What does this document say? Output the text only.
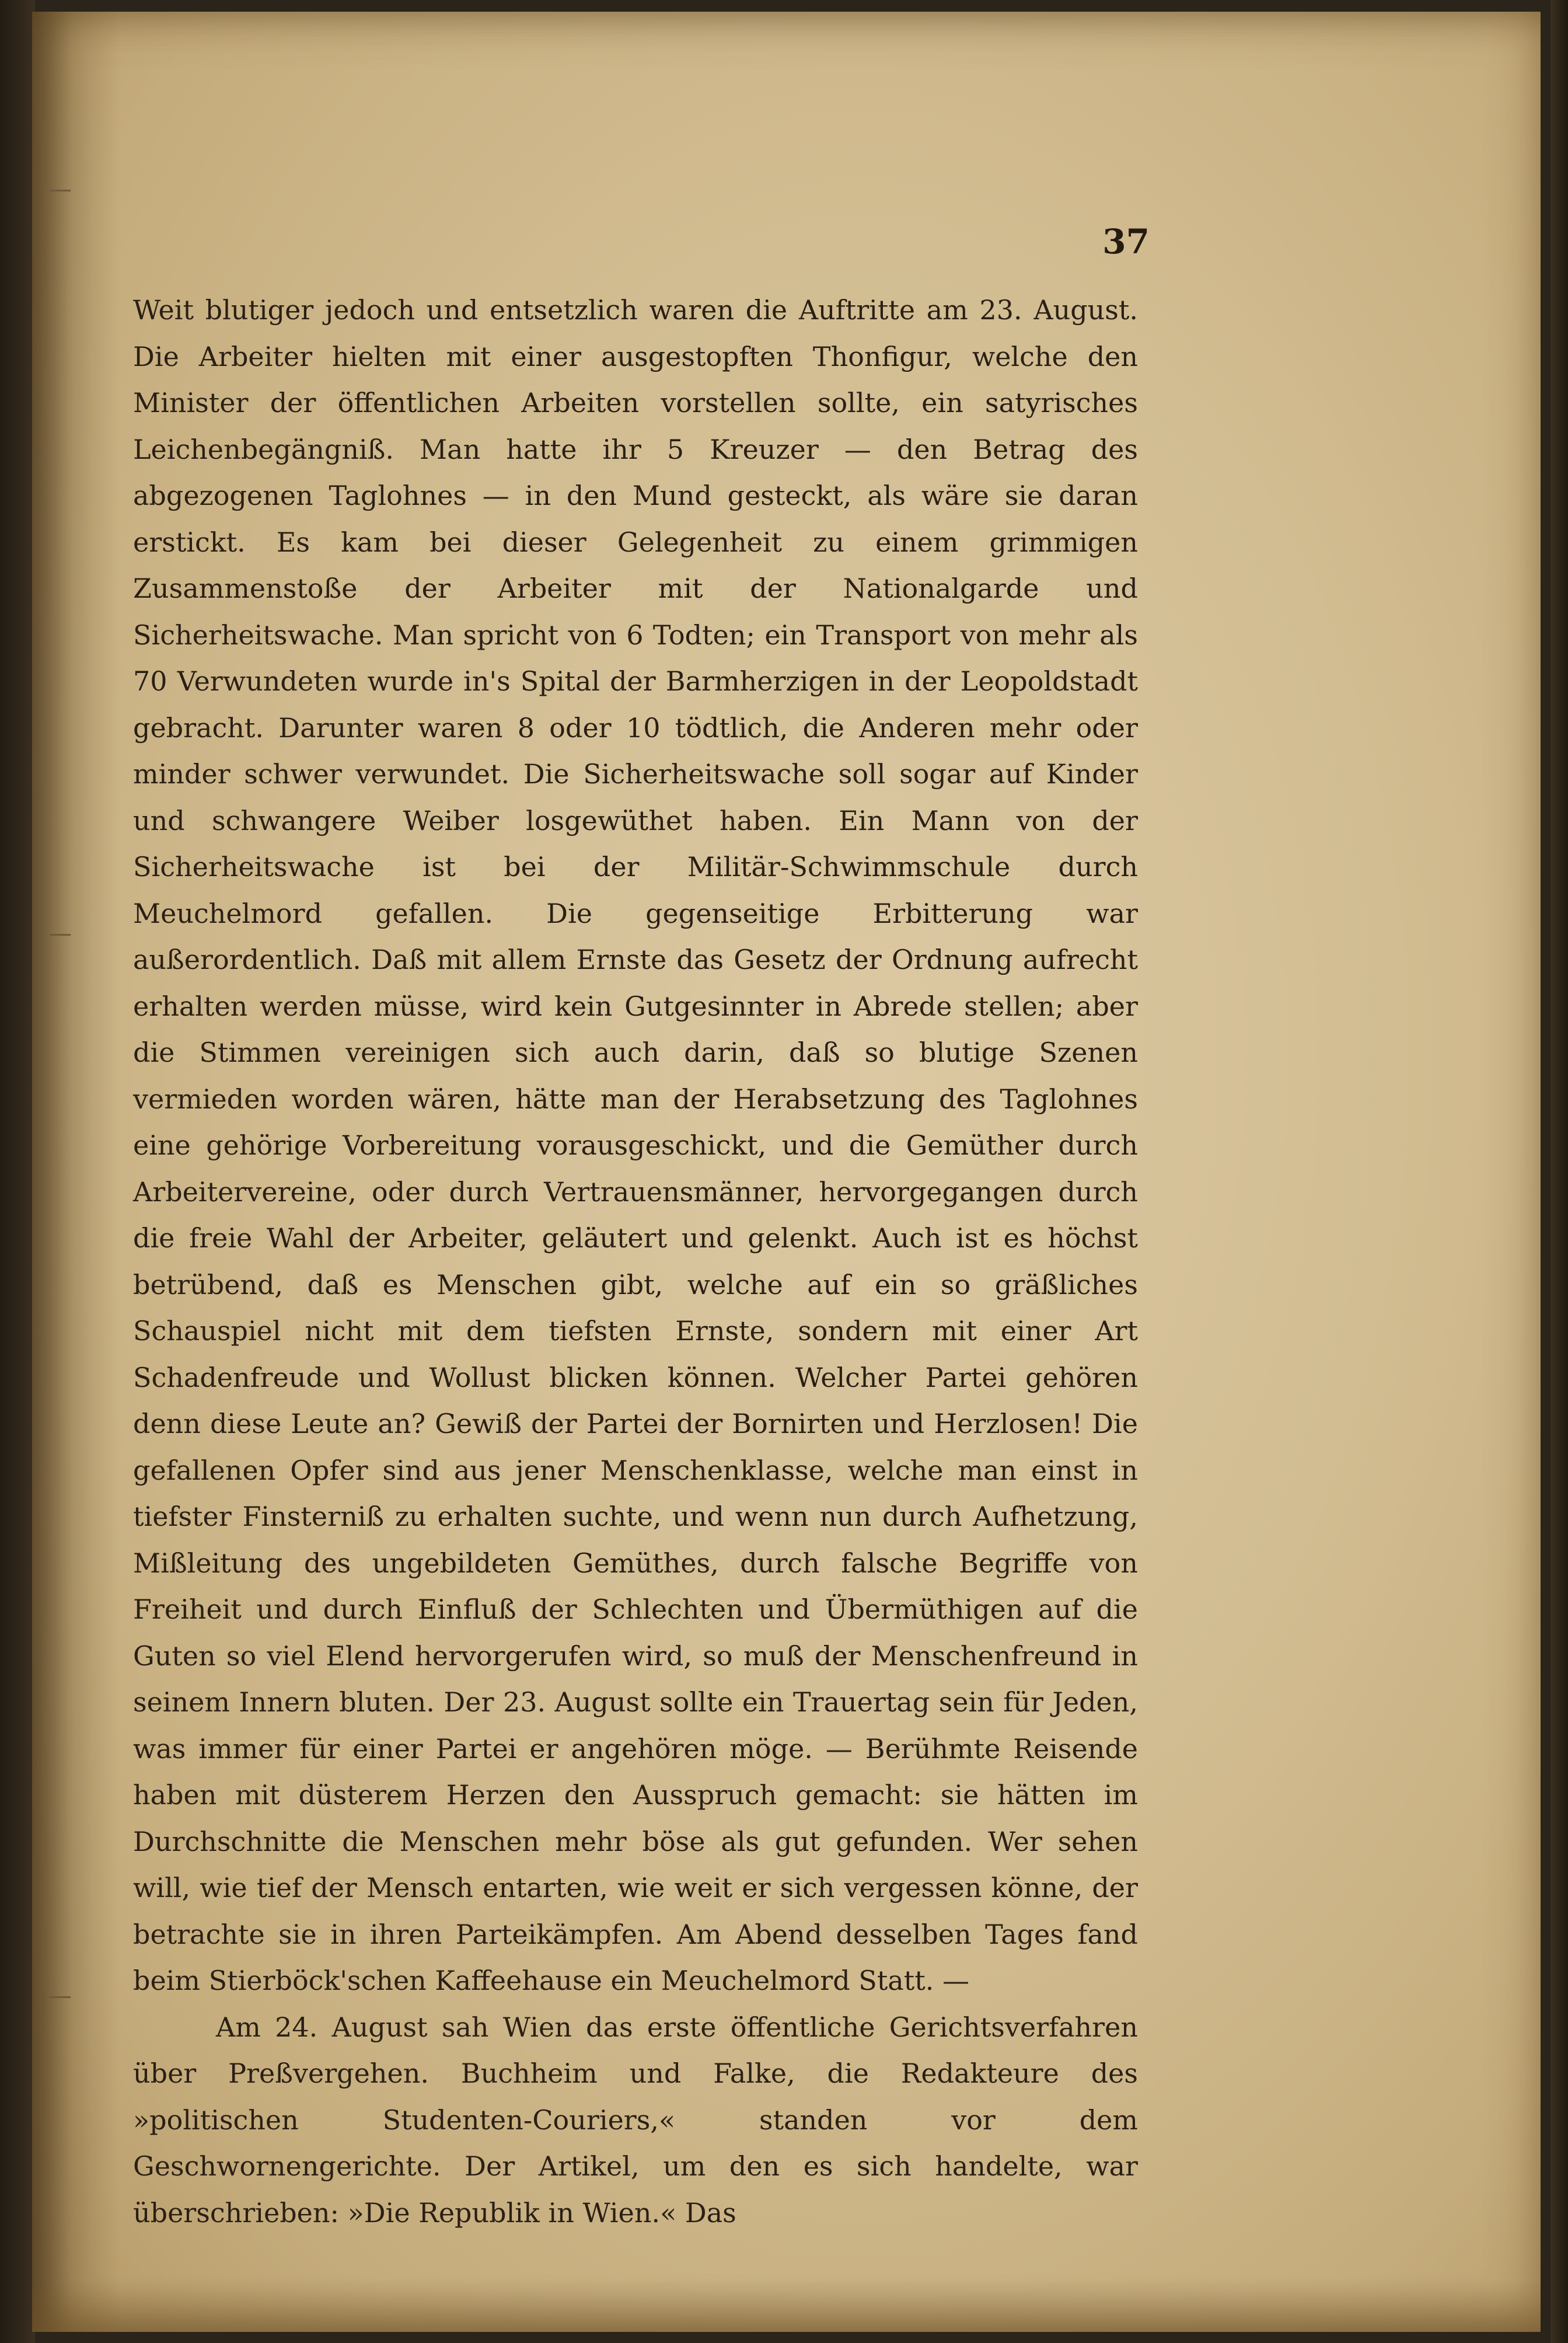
37

Weit blutiger jedoch und entsetzlich waren die Auftritte am 23. August. Die Arbeiter hielten mit einer ausgestopften Thonfigur, welche den Minister der öffentlichen Arbeiten vorstellen sollte, ein satyrisches Leichenbegängniß. Man hatte ihr 5 Kreuzer — den Betrag des abgezogenen Taglohnes — in den Mund gesteckt, als wäre sie daran erstickt. Es kam bei dieser Gelegenheit zu einem grimmigen Zusammenstoße der Arbeiter mit der Nationalgarde und Sicherheitswache. Man spricht von 6 Todten; ein Transport von mehr als 70 Verwundeten wurde in's Spital der Barmherzigen in der Leopoldstadt gebracht. Darunter waren 8 oder 10 tödtlich, die Anderen mehr oder minder schwer verwundet. Die Sicherheitswache soll sogar auf Kinder und schwangere Weiber losgewüthet haben. Ein Mann von der Sicherheitswache ist bei der Militär-Schwimmschule durch Meuchelmord gefallen. Die gegenseitige Erbitterung war außerordentlich. Daß mit allem Ernste das Gesetz der Ordnung aufrecht erhalten werden müsse, wird kein Gutgesinnter in Abrede stellen; aber die Stimmen vereinigen sich auch darin, daß so blutige Szenen vermieden worden wären, hätte man der Herabsetzung des Taglohnes eine gehörige Vorbereitung vorausgeschickt, und die Gemüther durch Arbeitervereine, oder durch Vertrauensmänner, hervorgegangen durch die freie Wahl der Arbeiter, geläutert und gelenkt. Auch ist es höchst betrübend, daß es Menschen gibt, welche auf ein so gräßliches Schauspiel nicht mit dem tiefsten Ernste, sondern mit einer Art Schadenfreude und Wollust blicken können. Welcher Partei gehören denn diese Leute an? Gewiß der Partei der Bornirten und Herzlosen! Die gefallenen Opfer sind aus jener Menschenklasse, welche man einst in tiefster Finsterniß zu erhalten suchte, und wenn nun durch Aufhetzung, Mißleitung des ungebildeten Gemüthes, durch falsche Begriffe von Freiheit und durch Einfluß der Schlechten und Übermüthigen auf die Guten so viel Elend hervorgerufen wird, so muß der Menschenfreund in seinem Innern bluten. Der 23. August sollte ein Trauertag sein für Jeden, was immer für einer Partei er angehören möge. — Berühmte Reisende haben mit düsterem Herzen den Ausspruch gemacht: sie hätten im Durchschnitte die Menschen mehr böse als gut gefunden. Wer sehen will, wie tief der Mensch entarten, wie weit er sich vergessen könne, der betrachte sie in ihren Parteikämpfen. Am Abend desselben Tages fand beim Stierböck'schen Kaffeehause ein Meuchelmord Statt. —

Am 24. August sah Wien das erste öffentliche Gerichtsverfahren über Preßvergehen. Buchheim und Falke, die Redakteure des »politischen Studenten-Couriers,« standen vor dem Geschwornengerichte. Der Artikel, um den es sich handelte, war überschrieben: »Die Republik in Wien.« Das
